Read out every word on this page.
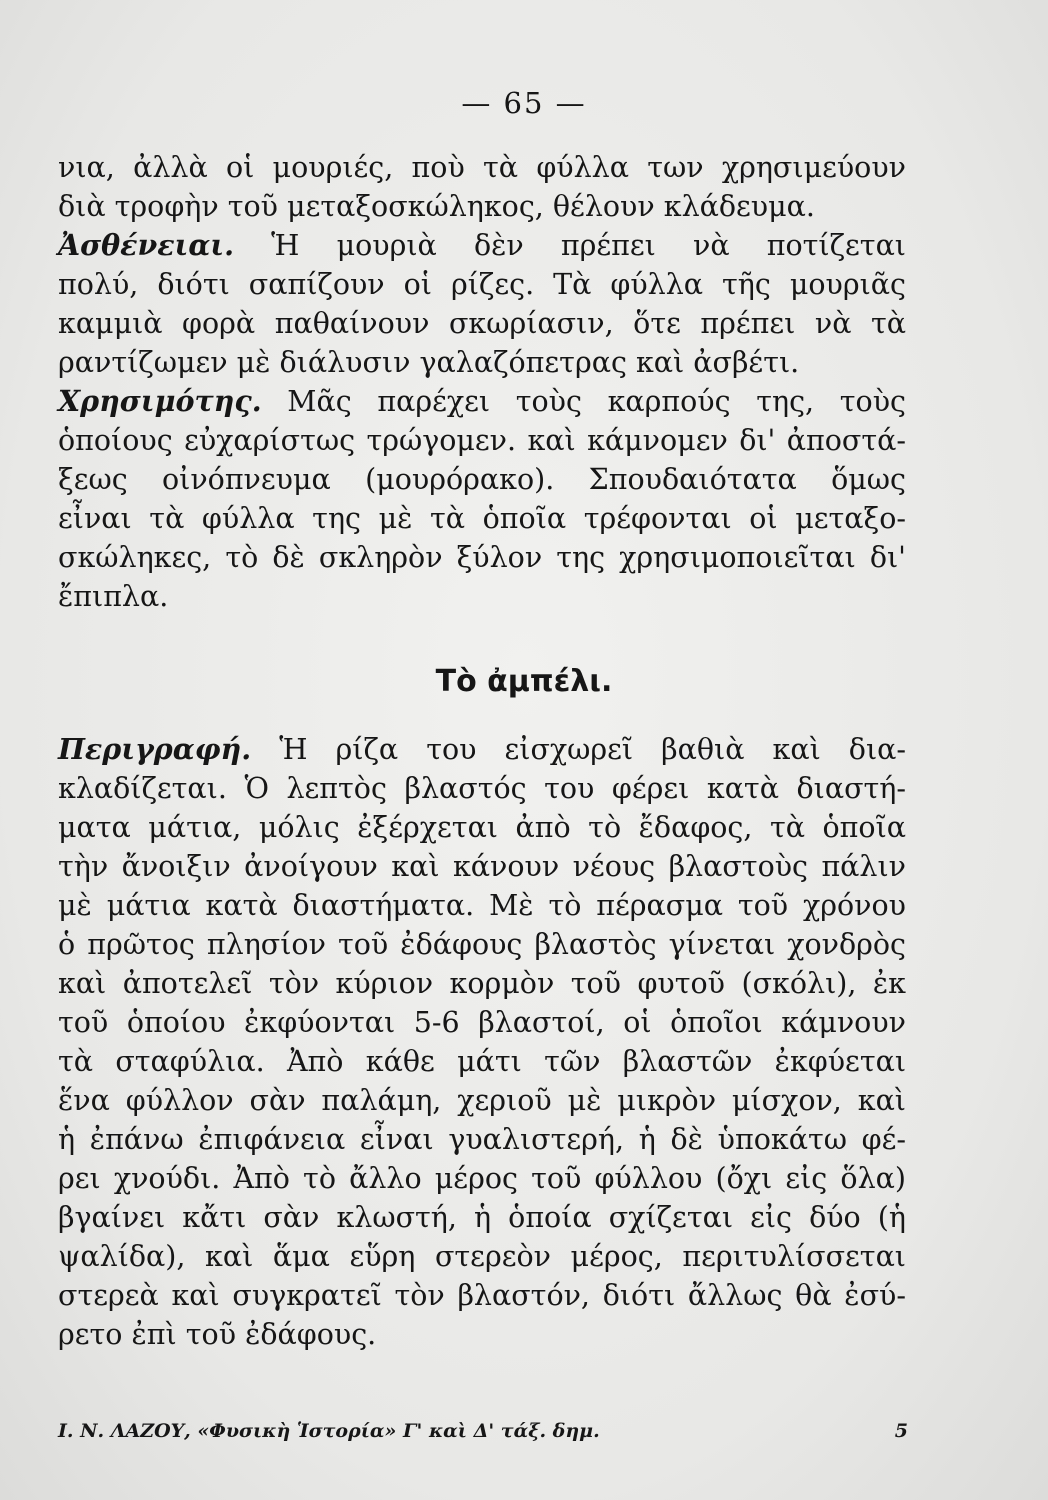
— 65 —
νια, ἀλλὰ οἱ μουριές, ποὺ τὰ φύλλα των χρησιμεύουν
διὰ τροφὴν τοῦ μεταξοσκώληκος, θέλουν κλάδευμα.
Ἀσθένειαι. Ἡ μουριὰ δὲν πρέπει νὰ ποτίζεται
πολύ, διότι σαπίζουν οἱ ρίζες. Τὰ φύλλα τῆς μουριᾶς
καμμιὰ φορὰ παθαίνουν σκωρίασιν, ὅτε πρέπει νὰ τὰ
ραντίζωμεν μὲ διάλυσιν γαλαζόπετρας καὶ ἀσβέτι.
Χρησιμότης. Μᾶς παρέχει τοὺς καρπούς της, τοὺς
ὁποίους εὐχαρίστως τρώγομεν. καὶ κάμνομεν δι' ἀποστά-
ξεως οἰνόπνευμα (μουρόρακο). Σπουδαιότατα ὅμως
εἶναι τὰ φύλλα της μὲ τὰ ὁποῖα τρέφονται οἱ μεταξο-
σκώληκες, τὸ δὲ σκληρὸν ξύλον της χρησιμοποιεῖται δι'
ἔπιπλα.
Τὸ ἀμπέλι.
Περιγραφή. Ἡ ρίζα του εἰσχωρεῖ βαθιὰ καὶ δια-
κλαδίζεται. Ὁ λεπτὸς βλαστός του φέρει κατὰ διαστή-
ματα μάτια, μόλις ἐξέρχεται ἀπὸ τὸ ἔδαφος, τὰ ὁποῖα
τὴν ἄνοιξιν ἀνοίγουν καὶ κάνουν νέους βλαστοὺς πάλιν
μὲ μάτια κατὰ διαστήματα. Μὲ τὸ πέρασμα τοῦ χρόνου
ὁ πρῶτος πλησίον τοῦ ἐδάφους βλαστὸς γίνεται χονδρὸς
καὶ ἀποτελεῖ τὸν κύριον κορμὸν τοῦ φυτοῦ (σκόλι), ἐκ
τοῦ ὁποίου ἐκφύονται 5-6 βλαστοί, οἱ ὁποῖοι κάμνουν
τὰ σταφύλια. Ἀπὸ κάθε μάτι τῶν βλαστῶν ἐκφύεται
ἕνα φύλλον σὰν παλάμη, χεριοῦ μὲ μικρὸν μίσχον, καὶ
ἡ ἐπάνω ἐπιφάνεια εἶναι γυαλιστερή, ἡ δὲ ὑποκάτω φέ-
ρει χνούδι. Ἀπὸ τὸ ἄλλο μέρος τοῦ φύλλου (ὄχι εἰς ὅλα)
βγαίνει κἄτι σὰν κλωστή, ἡ ὁποία σχίζεται εἰς δύο (ἡ
ψαλίδα), καὶ ἅμα εὕρη στερεὸν μέρος, περιτυλίσσεται
στερεὰ καὶ συγκρατεῖ τὸν βλαστόν, διότι ἄλλως θὰ ἐσύ-
ρετο ἐπὶ τοῦ ἐδάφους.
Ι. Ν. ΛΑΖΟΥ, «Φυσικὴ Ἱστορία» Γ' καὶ Δ' τάξ. δημ.	5
